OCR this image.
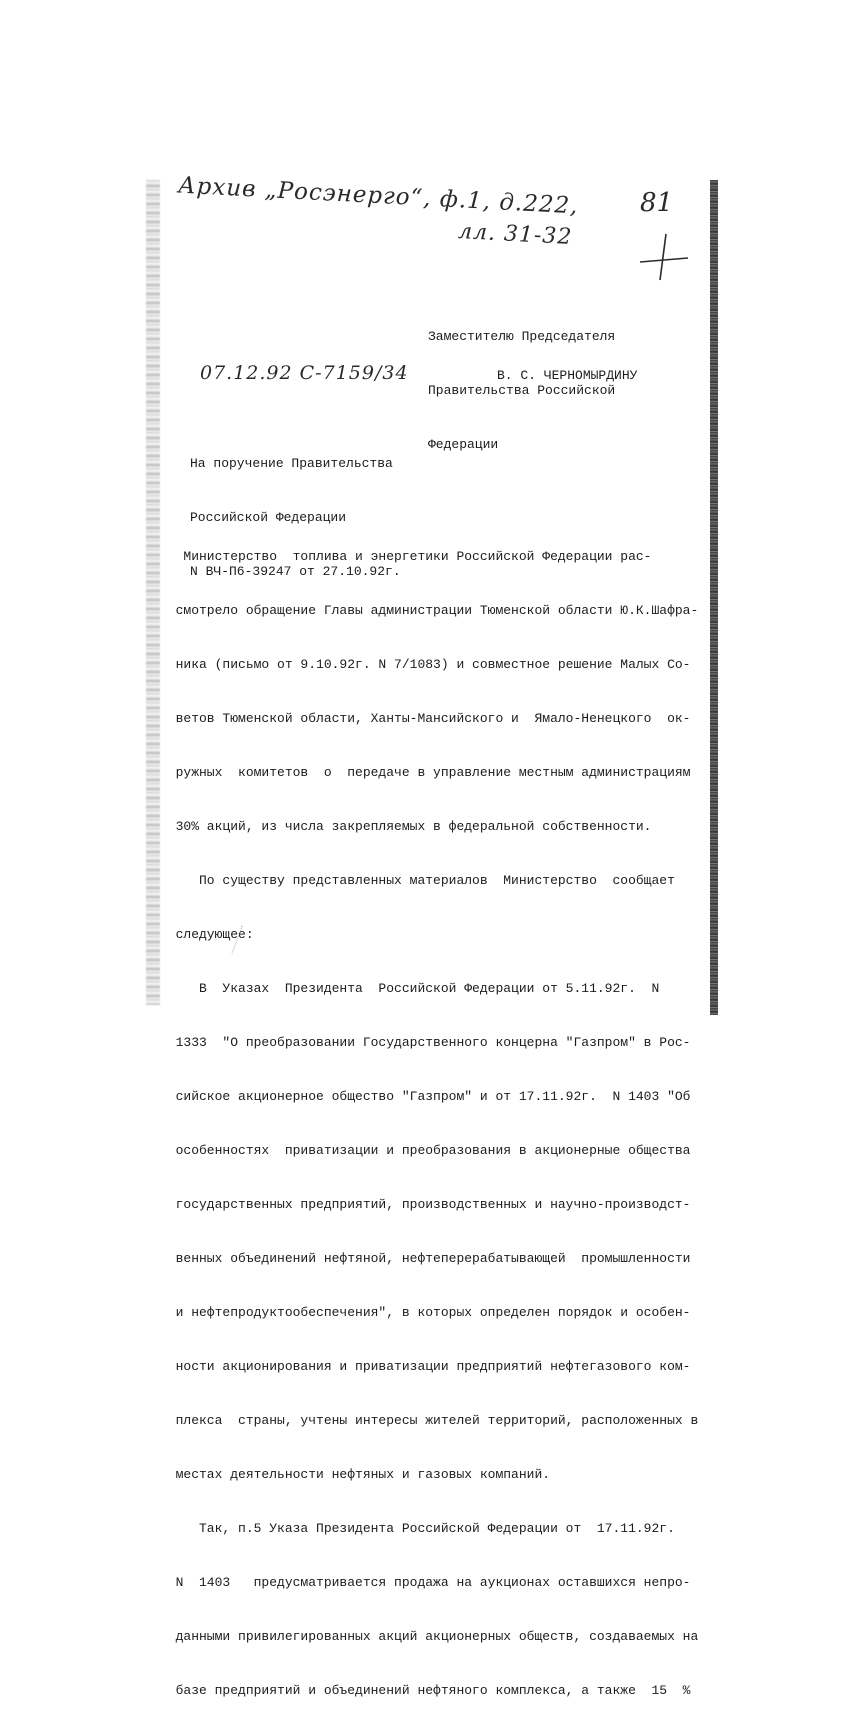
Архив „Росэнерго“, ф.1, д.222,
лл. 31-32
81

Заместителю Председателя

Правительства Российской

Федерации

07.12.92 С-7159/34	В. С. ЧЕРНОМЫРДИНУ

На поручение Правительства

Российской Федерации

N ВЧ-П6-39247 от 27.10.92г.

Министерство  топлива и энергетики Российской Федерации рас-

смотрело обращение Главы администрации Тюменской области Ю.К.Шафра-

ника (письмо от 9.10.92г. N 7/1083) и совместное решение Малых Со-

ветов Тюменской области, Ханты-Мансийского и  Ямало-Ненецкого  ок-

ружных  комитетов  о  передаче в управление местным администрациям

30% акций, из числа закрепляемых в федеральной собственности.

По существу представленных материалов  Министерство  сообщает

следующее:

В  Указах  Президента  Российской Федерации от 5.11.92г.  N

1333  "О преобразовании Государственного концерна "Газпром" в Рос-

сийское акционерное общество "Газпром" и от 17.11.92г.  N 1403 "Об

особенностях  приватизации и преобразования в акционерные общества

государственных предприятий, производственных и научно-производст-

венных объединений нефтяной, нефтеперерабатывающей  промышленности

и нефтепродуктообеспечения", в которых определен порядок и особен-

ности акционирования и приватизации предприятий нефтегазового ком-

плекса  страны, учтены интересы жителей территорий, расположенных в

местах деятельности нефтяных и газовых компаний.

Так, п.5 Указа Президента Российской Федерации от  17.11.92г.

N  1403   предусматривается продажа на аукционах оставшихся непро-

данными привилегированных акций акционерных обществ, создаваемых на

базе предприятий и объединений нефтяного комплекса, а также  15  %
